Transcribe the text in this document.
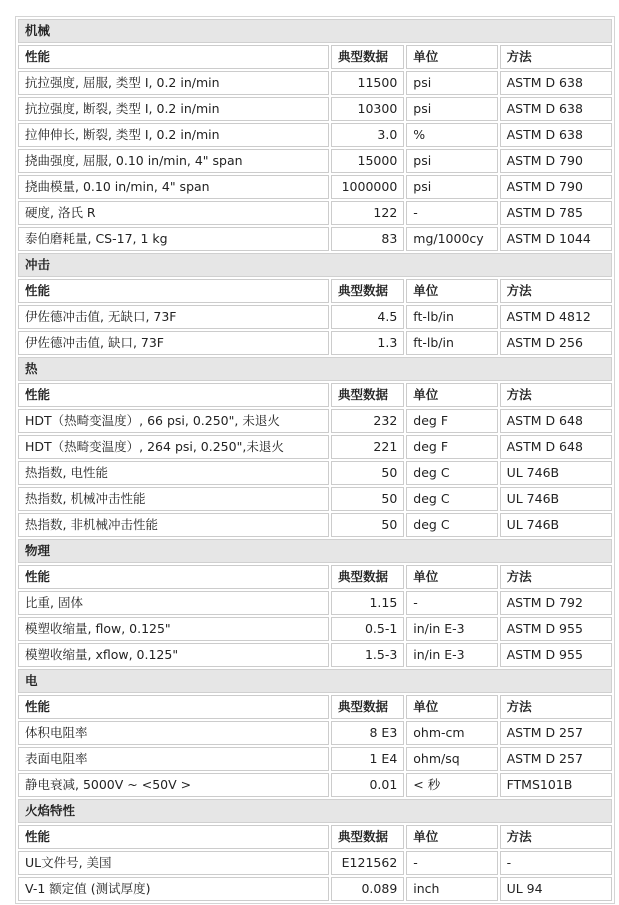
机械			
性能	典型数据	单位	方法
抗拉强度, 屈服, 类型 I, 0.2 in/min	11500	psi	ASTM D 638
抗拉强度, 断裂, 类型 I, 0.2 in/min	10300	psi	ASTM D 638
拉伸伸长, 断裂, 类型 I, 0.2 in/min	3.0	%	ASTM D 638
挠曲强度, 屈服, 0.10 in/min, 4" span	15000	psi	ASTM D 790
挠曲模量, 0.10 in/min, 4" span	1000000	psi	ASTM D 790
硬度, 洛氏 R	122	-	ASTM D 785
泰伯磨耗量, CS-17, 1 kg	83	mg/1000cy	ASTM D 1044
冲击			
性能	典型数据	单位	方法
伊佐德冲击值, 无缺口, 73F	4.5	ft-lb/in	ASTM D 4812
伊佐德冲击值, 缺口, 73F	1.3	ft-lb/in	ASTM D 256
热			
性能	典型数据	单位	方法
HDT（热畸变温度）, 66 psi, 0.250", 未退火	232	deg F	ASTM D 648
HDT（热畸变温度）, 264 psi, 0.250",未退火	221	deg F	ASTM D 648
热指数, 电性能	50	deg C	UL 746B
热指数, 机械冲击性能	50	deg C	UL 746B
热指数, 非机械冲击性能	50	deg C	UL 746B
物理			
性能	典型数据	单位	方法
比重, 固体	1.15	-	ASTM D 792
模塑收缩量, flow, 0.125"	0.5-1	in/in E-3	ASTM D 955
模塑收缩量, xflow, 0.125"	1.5-3	in/in E-3	ASTM D 955
电			
性能	典型数据	单位	方法
体积电阻率	8 E3	ohm-cm	ASTM D 257
表面电阻率	1 E4	ohm/sq	ASTM D 257
静电衰减, 5000V ~ <50V >	0.01	< 秒	FTMS101B
火焰特性			
性能	典型数据	单位	方法
UL文件号, 美国	E121562	-	-
V-1 额定值 (测试厚度)	0.089	inch	UL 94
